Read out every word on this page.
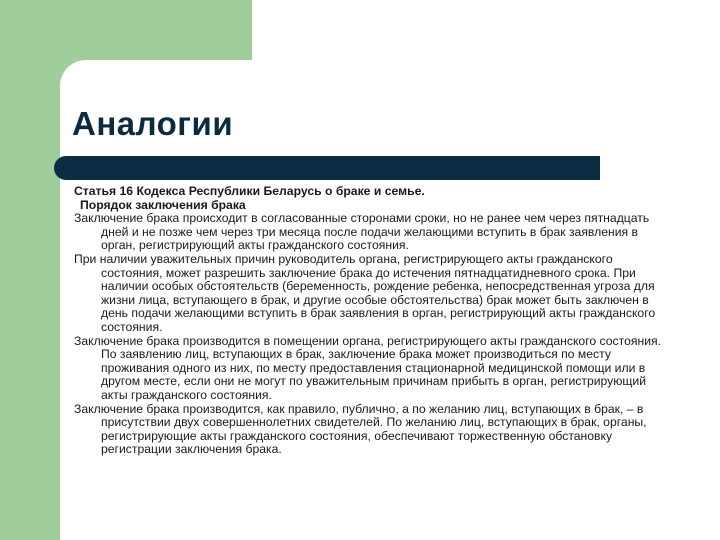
Аналогии

Статья 16 Кодекса Республики Беларусь о браке и семье.

Порядок заключения брака

Заключение брака происходит в согласованные сторонами сроки, но не ранее чем через пятнадцать дней и не позже чем через три месяца после подачи желающими вступить в брак заявления в орган, регистрирующий акты гражданского состояния.

При наличии уважительных причин руководитель органа, регистрирующего акты гражданского состояния, может разрешить заключение брака до истечения пятнадцатидневного срока. При наличии особых обстоятельств (беременность, рождение ребенка, непосредственная угроза для жизни лица, вступающего в брак, и другие особые обстоятельства) брак может быть заключен в день подачи желающими вступить в брак заявления в орган, регистрирующий акты гражданского состояния.

Заключение брака производится в помещении органа, регистрирующего акты гражданского состояния. По заявлению лиц, вступающих в брак, заключение брака может производиться по месту проживания одного из них, по месту предоставления стационарной медицинской помощи или в другом месте, если они не могут по уважительным причинам прибыть в орган, регистрирующий акты гражданского состояния.

Заключение брака производится, как правило, публично, а по желанию лиц, вступающих в брак, – в присутствии двух совершеннолетних свидетелей. По желанию лиц, вступающих в брак, органы, регистрирующие акты гражданского состояния, обеспечивают торжественную обстановку регистрации заключения брака.
